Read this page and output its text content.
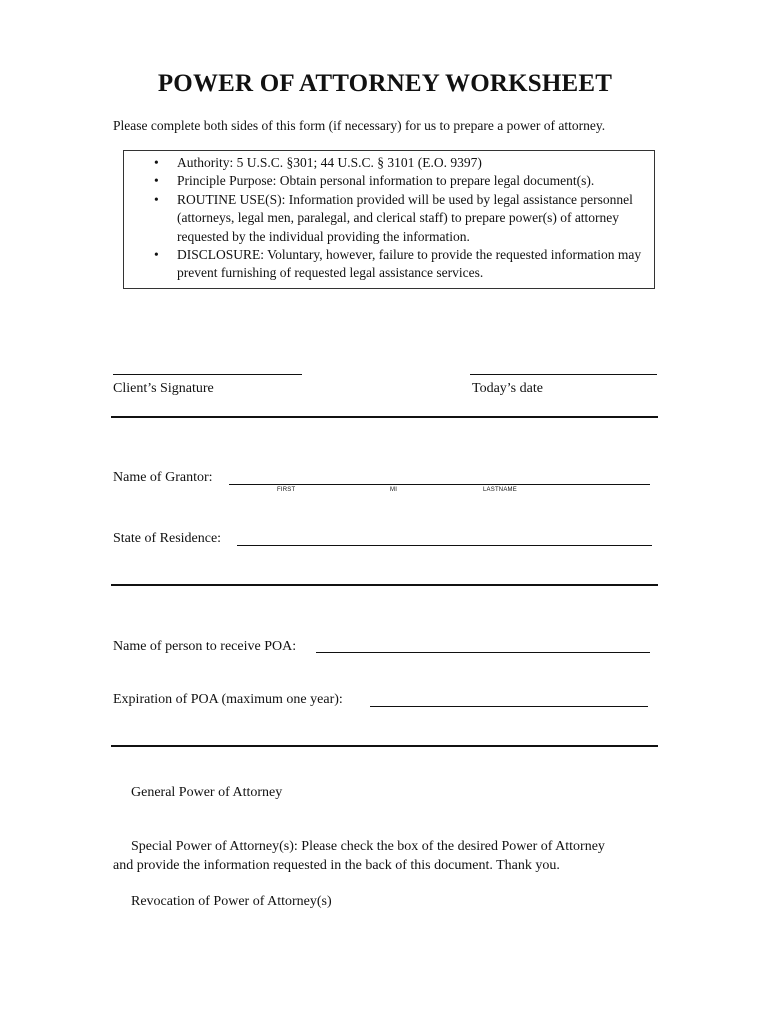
POWER OF ATTORNEY WORKSHEET
Please complete both sides of this form (if necessary) for us to prepare a power of attorney.
• Authority: 5 U.S.C. §301; 44 U.S.C. § 3101 (E.O. 9397)
• Principle Purpose: Obtain personal information to prepare legal document(s).
• ROUTINE USE(S): Information provided will be used by legal assistance personnel (attorneys, legal men, paralegal, and clerical staff) to prepare power(s) of attorney requested by the individual providing the information.
• DISCLOSURE: Voluntary, however, failure to provide the requested information may prevent furnishing of requested legal assistance services.
Client’s Signature	Today’s date
Name of Grantor:
FIRST	MI	LASTNAME
State of Residence:
Name of person to receive POA:
Expiration of POA (maximum one year):
General Power of Attorney
Special Power of Attorney(s): Please check the box of the desired Power of Attorney
and provide the information requested in the back of this document. Thank you.
Revocation of Power of Attorney(s)
